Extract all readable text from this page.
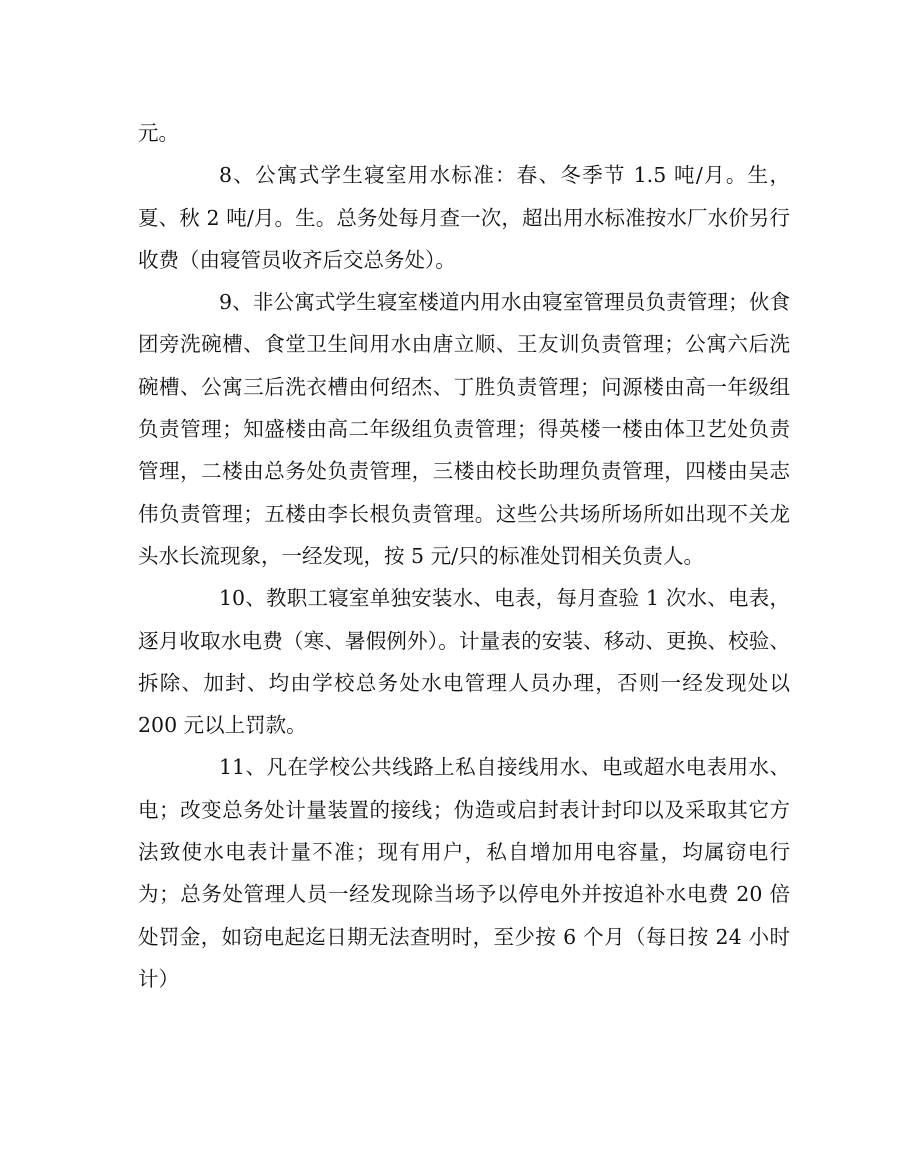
元。

8、公寓式学生寝室用水标准：春、冬季节 1.5 吨/月。生，夏、秋 2 吨/月。生。总务处每月查一次，超出用水标准按水厂水价另行收费（由寝管员收齐后交总务处）。

9、非公寓式学生寝室楼道内用水由寝室管理员负责管理；伙食团旁洗碗槽、食堂卫生间用水由唐立顺、王友训负责管理；公寓六后洗碗槽、公寓三后洗衣槽由何绍杰、丁胜负责管理；问源楼由高一年级组负责管理；知盛楼由高二年级组负责管理；得英楼一楼由体卫艺处负责管理，二楼由总务处负责管理，三楼由校长助理负责管理，四楼由吴志伟负责管理；五楼由李长根负责管理。这些公共场所场所如出现不关龙头水长流现象，一经发现，按 5 元/只的标准处罚相关负责人。

10、教职工寝室单独安装水、电表，每月查验 1 次水、电表，逐月收取水电费（寒、暑假例外）。计量表的安装、移动、更换、校验、拆除、加封、均由学校总务处水电管理人员办理，否则一经发现处以 200 元以上罚款。

11、凡在学校公共线路上私自接线用水、电或超水电表用水、电；改变总务处计量装置的接线；伪造或启封表计封印以及采取其它方法致使水电表计量不准；现有用户，私自增加用电容量，均属窃电行为；总务处管理人员一经发现除当场予以停电外并按追补水电费 20 倍处罚金，如窃电起迄日期无法查明时，至少按 6 个月（每日按 24 小时计）
